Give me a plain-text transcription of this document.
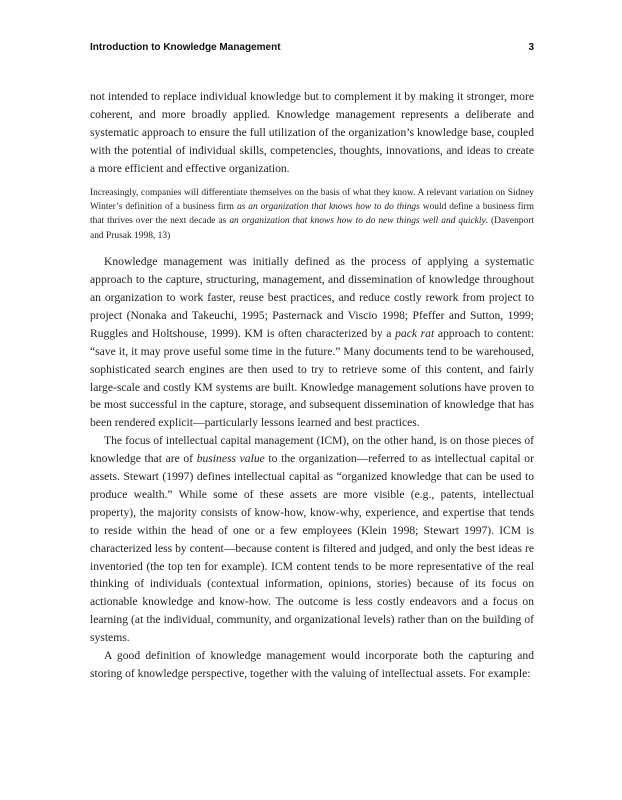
Introduction to Knowledge Management	3

not intended to replace individual knowledge but to complement it by making it stronger, more coherent, and more broadly applied. Knowledge management represents a deliberate and systematic approach to ensure the full utilization of the organization’s knowledge base, coupled with the potential of individual skills, competencies, thoughts, innovations, and ideas to create a more efficient and effective organization.

Increasingly, companies will differentiate themselves on the basis of what they know. A relevant variation on Sidney Winter’s definition of a business firm as an organization that knows how to do things would define a business firm that thrives over the next decade as an organization that knows how to do new things well and quickly. (Davenport and Prusak 1998, 13)

Knowledge management was initially defined as the process of applying a systematic approach to the capture, structuring, management, and dissemination of knowledge throughout an organization to work faster, reuse best practices, and reduce costly rework from project to project (Nonaka and Takeuchi, 1995; Pasternack and Viscio 1998; Pfeffer and Sutton, 1999; Ruggles and Holtshouse, 1999). KM is often characterized by a pack rat approach to content: “save it, it may prove useful some time in the future.” Many documents tend to be warehoused, sophisticated search engines are then used to try to retrieve some of this content, and fairly large-scale and costly KM systems are built. Knowledge management solutions have proven to be most successful in the capture, storage, and subsequent dissemination of knowledge that has been rendered explicit—particularly lessons learned and best practices.

The focus of intellectual capital management (ICM), on the other hand, is on those pieces of knowledge that are of business value to the organization—referred to as intellectual capital or assets. Stewart (1997) defines intellectual capital as “organized knowledge that can be used to produce wealth.” While some of these assets are more visible (e.g., patents, intellectual property), the majority consists of know-how, know-why, experience, and expertise that tends to reside within the head of one or a few employees (Klein 1998; Stewart 1997). ICM is characterized less by content—because content is filtered and judged, and only the best ideas re inventoried (the top ten for example). ICM content tends to be more representative of the real thinking of individuals (contextual information, opinions, stories) because of its focus on actionable knowledge and know-how. The outcome is less costly endeavors and a focus on learning (at the individual, community, and organizational levels) rather than on the building of systems.

A good definition of knowledge management would incorporate both the capturing and storing of knowledge perspective, together with the valuing of intellectual assets. For example:
